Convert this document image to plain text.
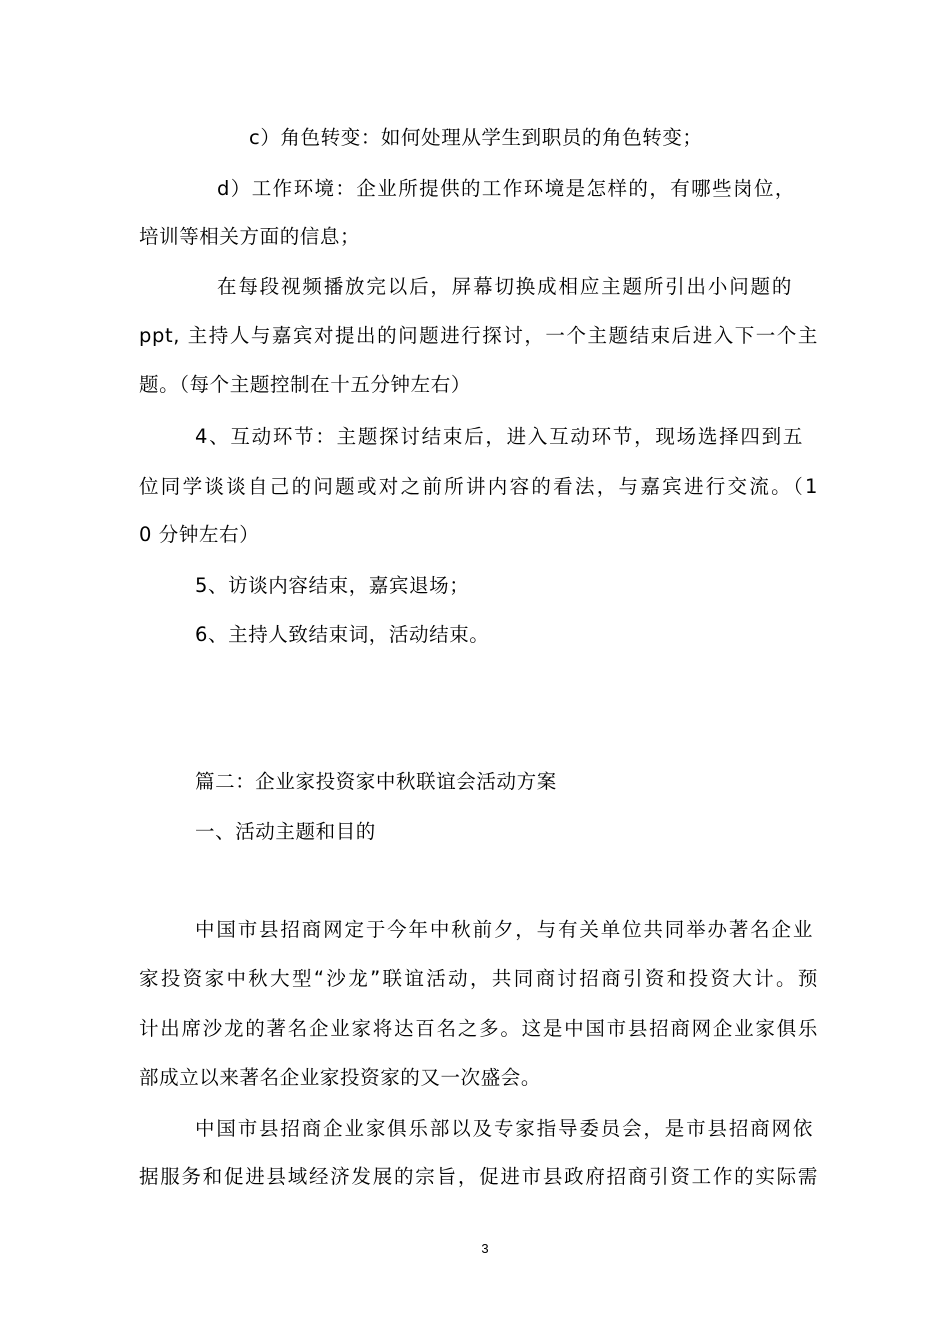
c）角色转变：如何处理从学生到职员的角色转变；
d）工作环境：企业所提供的工作环境是怎样的，有哪些岗位，
培训等相关方面的信息；
在每段视频播放完以后，屏幕切换成相应主题所引出小问题的
ppt, 主持人与嘉宾对提出的问题进行探讨，一个主题结束后进入下一个主
题。（每个主题控制在十五分钟左右）
4、互动环节：主题探讨结束后，进入互动环节，现场选择四到五
位同学谈谈自己的问题或对之前所讲内容的看法，与嘉宾进行交流。（1
0 分钟左右）
5、访谈内容结束，嘉宾退场；
6、主持人致结束词，活动结束。
篇二：企业家投资家中秋联谊会活动方案
一、活动主题和目的
中国市县招商网定于今年中秋前夕，与有关单位共同举办著名企业
家投资家中秋大型“沙龙”联谊活动，共同商讨招商引资和投资大计。预
计出席沙龙的著名企业家将达百名之多。这是中国市县招商网企业家俱乐
部成立以来著名企业家投资家的又一次盛会。
中国市县招商企业家俱乐部以及专家指导委员会，是市县招商网依
据服务和促进县域经济发展的宗旨，促进市县政府招商引资工作的实际需
3
